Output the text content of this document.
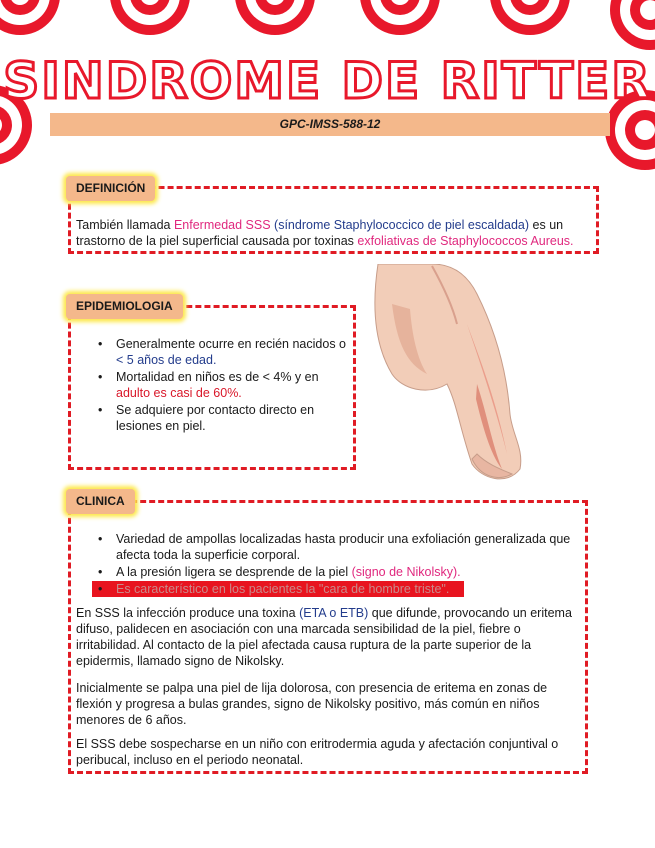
SINDROME DE RITTER
GPC-IMSS-588-12
DEFINICIÓN
También llamada Enfermedad SSS (síndrome Staphylococcico de piel escaldada) es un trastorno de la piel superficial causada por toxinas exfoliativas de Staphylococcos Aureus.
EPIDEMIOLOGIA
• Generalmente ocurre en recién nacidos o < 5 años de edad.
• Mortalidad en niños es de < 4% y en adulto es casi de 60%.
• Se adquiere por contacto directo en lesiones en piel.
CLINICA
• Variedad de ampollas localizadas hasta producir una exfoliación generalizada que afecta toda la superficie corporal.
• A la presión ligera se desprende de la piel (signo de Nikolsky).
• Es característico en los pacientes la "cara de hombre triste".
En SSS la infección produce una toxina (ETA o ETB) que difunde, provocando un eritema difuso, palidecen en asociación con una marcada sensibilidad de la piel, fiebre o irritabilidad. Al contacto de la piel afectada causa ruptura de la parte superior de la epidermis, llamado signo de Nikolsky.
Inicialmente se palpa una piel de lija dolorosa, con presencia de eritema en zonas de flexión y progresa a bulas grandes, signo de Nikolsky positivo, más común en niños menores de 6 años.
El SSS debe sospecharse en un niño con eritrodermia aguda y afectación conjuntival o peribucal, incluso en el periodo neonatal.
